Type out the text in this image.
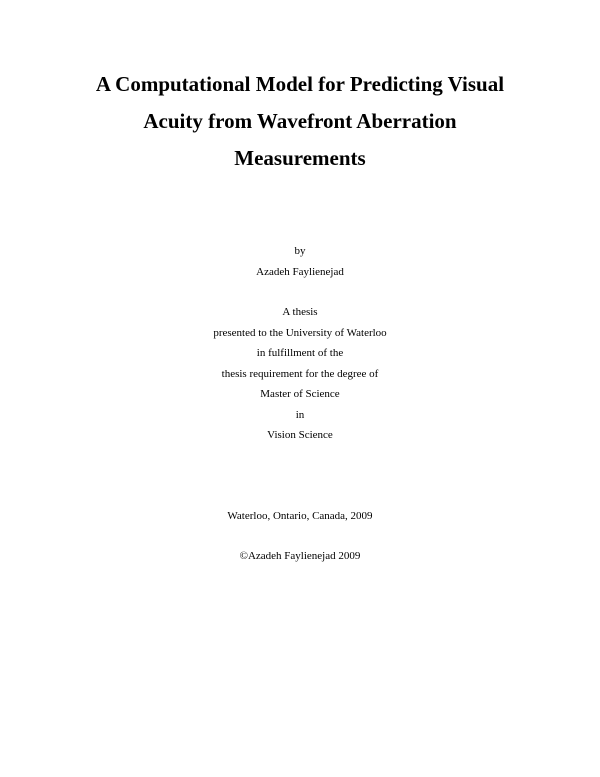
A Computational Model for Predicting Visual
Acuity from Wavefront Aberration
Measurements
by
Azadeh Faylienejad
A thesis
presented to the University of Waterloo
in fulfillment of the
thesis requirement for the degree of
Master of Science
in
Vision Science
Waterloo, Ontario, Canada, 2009
©Azadeh Faylienejad 2009
